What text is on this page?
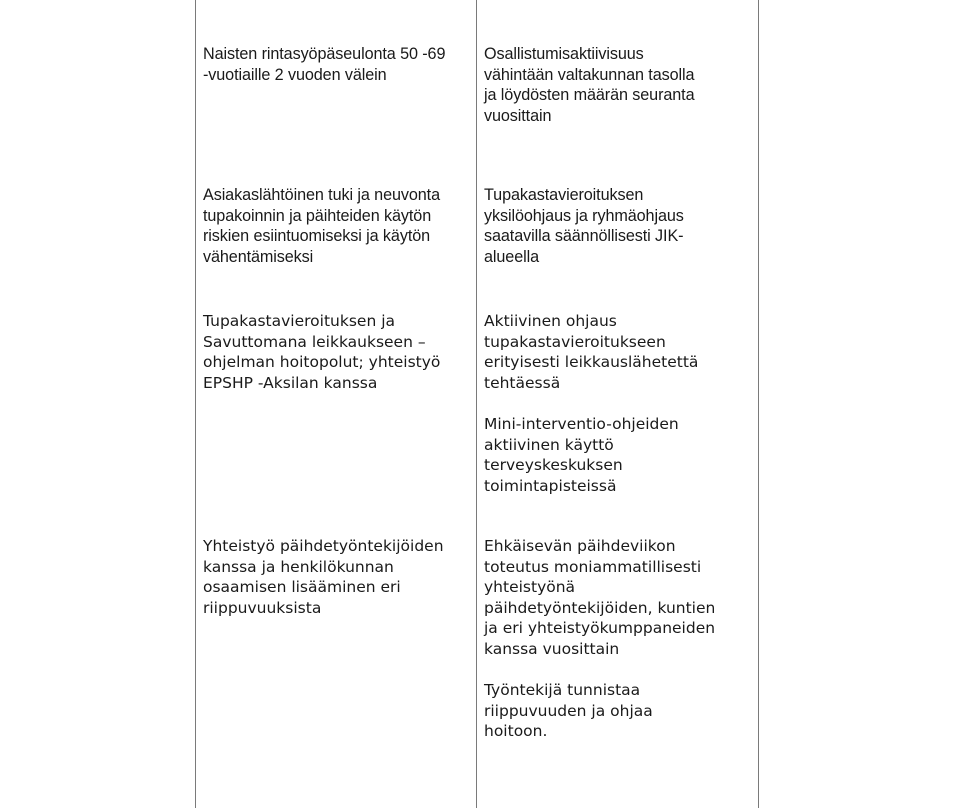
Naisten rintasyöpäseulonta 50 -69
-vuotiaille 2 vuoden välein

Osallistumisaktiivisuus
vähintään valtakunnan tasolla
ja löydösten määrän seuranta
vuosittain

Asiakaslähtöinen tuki ja neuvonta
tupakoinnin ja päihteiden käytön
riskien esiintuomiseksi ja käytön
vähentämiseksi

Tupakastavieroituksen
yksilöohjaus ja ryhmäohjaus
saatavilla säännöllisesti JIK-
alueella

Tupakastavieroituksen ja
Savuttomana leikkaukseen –
ohjelman hoitopolut; yhteistyö
EPSHP -Aksilan kanssa

Aktiivinen ohjaus
tupakastavieroitukseen
erityisesti leikkauslähetettä
tehtäessä

Mini-interventio-ohjeiden
aktiivinen käyttö
terveyskeskuksen
toimintapisteissä

Yhteistyö päihdetyöntekijöiden
kanssa ja henkilökunnan
osaamisen lisääminen eri
riippuvuuksista

Ehkäisevän päihdeviikon
toteutus moniammatillisesti
yhteistyönä
päihdetyöntekijöiden, kuntien
ja eri yhteistyökumppaneiden
kanssa vuosittain

Työntekijä tunnistaa
riippuvuuden ja ohjaa
hoitoon.
